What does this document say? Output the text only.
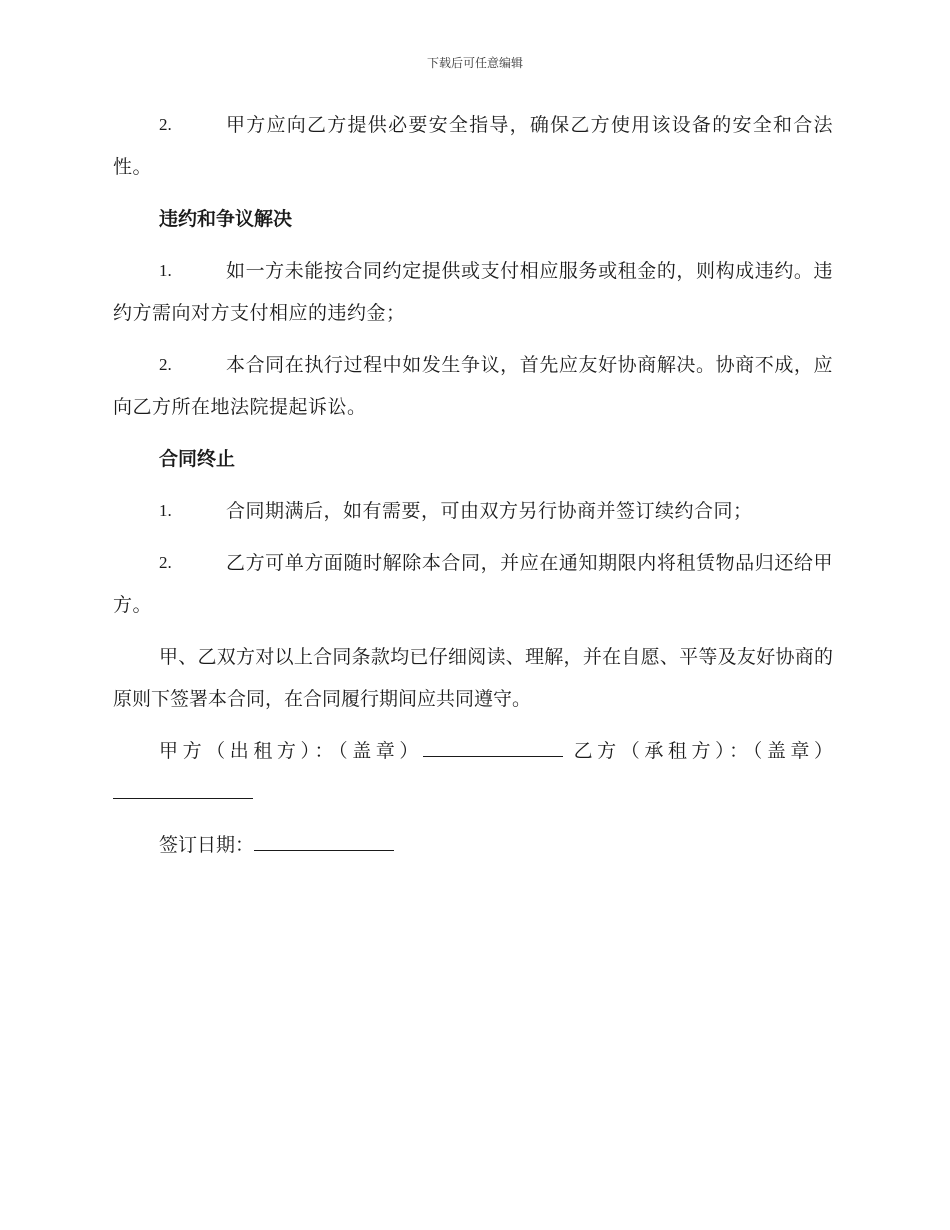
下载后可任意编辑
2.	甲方应向乙方提供必要安全指导，确保乙方使用该设备的安全和合法性。
违约和争议解决
1.	如一方未能按合同约定提供或支付相应服务或租金的，则构成违约。违约方需向对方支付相应的违约金；
2.	本合同在执行过程中如发生争议，首先应友好协商解决。协商不成，应向乙方所在地法院提起诉讼。
合同终止
1.	合同期满后，如有需要，可由双方另行协商并签订续约合同；
2.	乙方可单方面随时解除本合同，并应在通知期限内将租赁物品归还给甲方。

甲、乙双方对以上合同条款均已仔细阅读、理解，并在自愿、平等及友好协商的原则下签署本合同，在合同履行期间应共同遵守。

甲方（出租方）：（盖章）	乙方（承租方）：（盖章）

签订日期：
